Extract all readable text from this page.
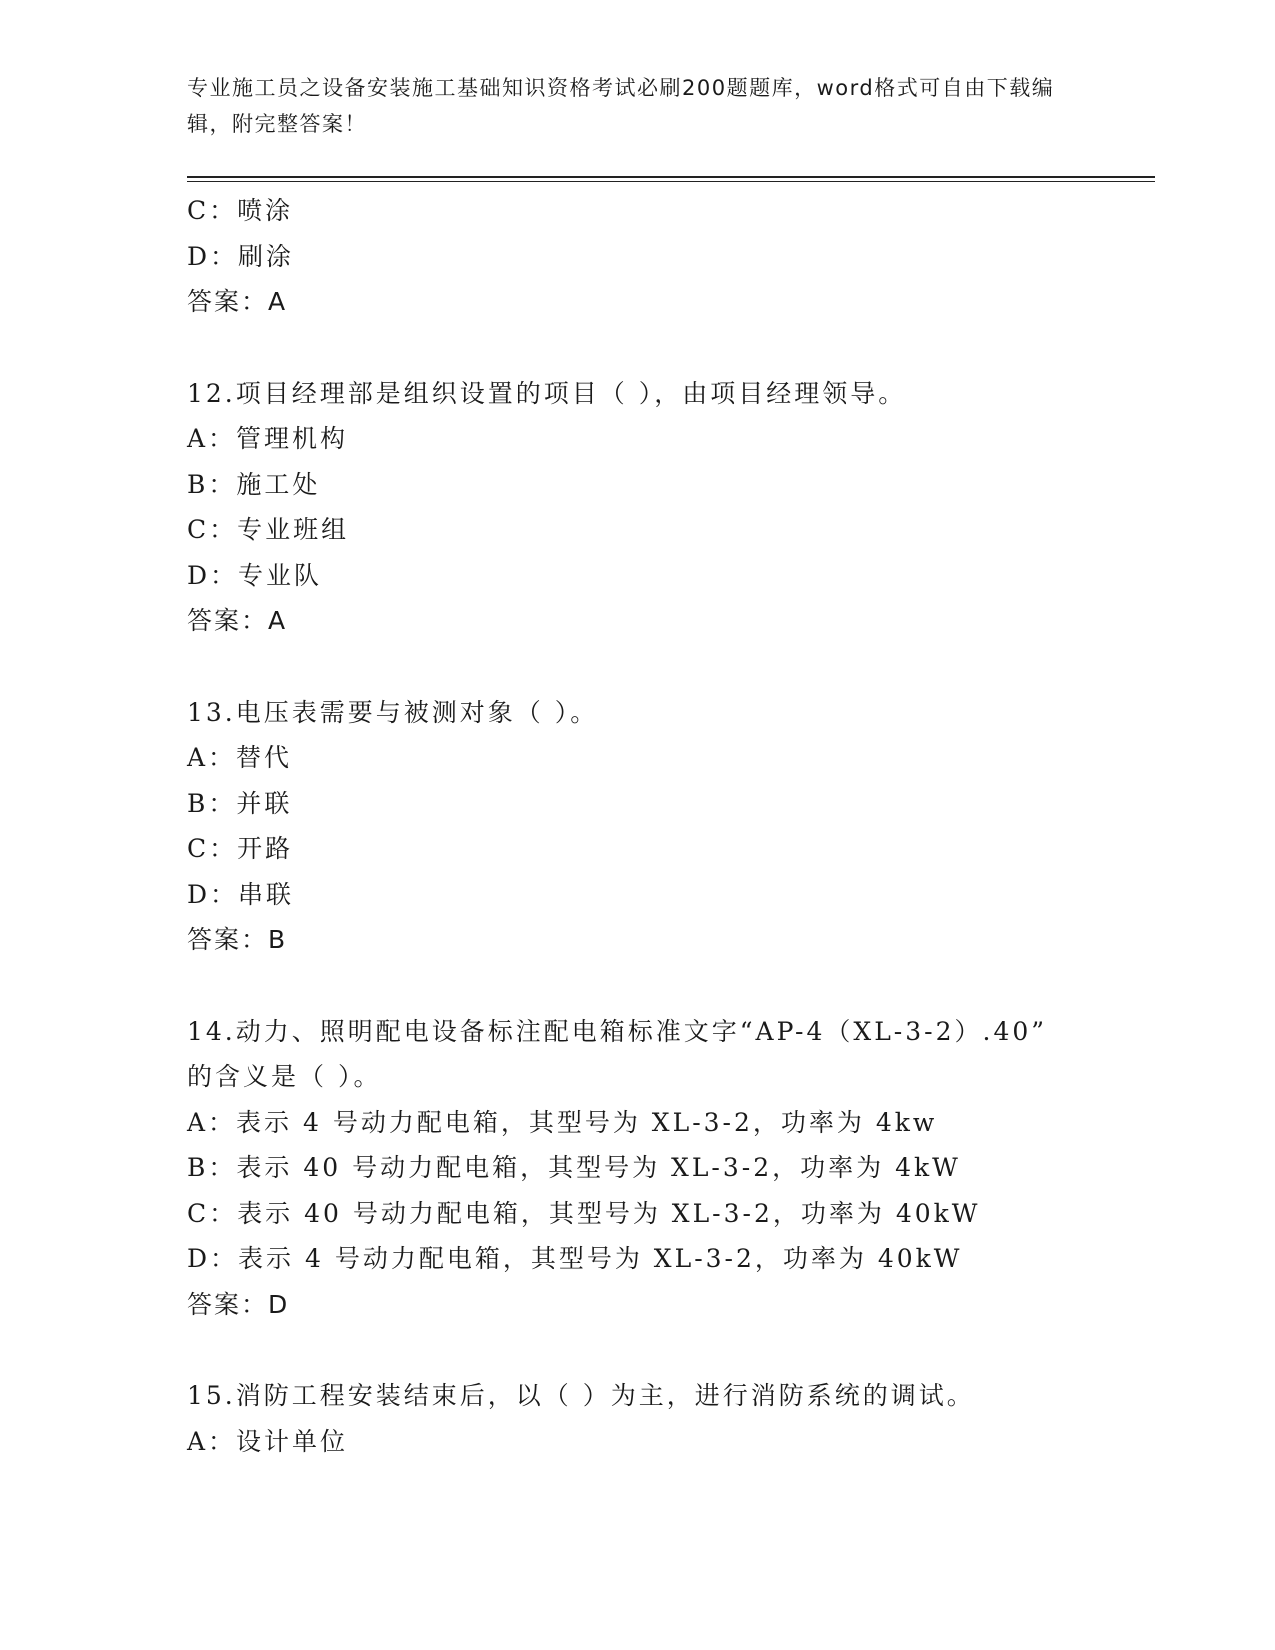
专业施工员之设备安装施工基础知识资格考试必刷200题题库，word格式可自由下载编辑，附完整答案！
C：喷涂
D：刷涂
答案：A
12.项目经理部是组织设置的项目（ ），由项目经理领导。
A：管理机构
B：施工处
C：专业班组
D：专业队
答案：A
13.电压表需要与被测对象（ ）。
A：替代
B：并联
C：开路
D：串联
答案：B
14.动力、照明配电设备标注配电箱标准文字“AP-4（XL-3-2）.40”
的含义是（ ）。
A：表示 4 号动力配电箱，其型号为 XL-3-2，功率为 4kw
B：表示 40 号动力配电箱，其型号为 XL-3-2，功率为 4kW
C：表示 40 号动力配电箱，其型号为 XL-3-2，功率为 40kW
D：表示 4 号动力配电箱，其型号为 XL-3-2，功率为 40kW
答案：D
15.消防工程安装结束后，以（ ）为主，进行消防系统的调试。
A：设计单位
